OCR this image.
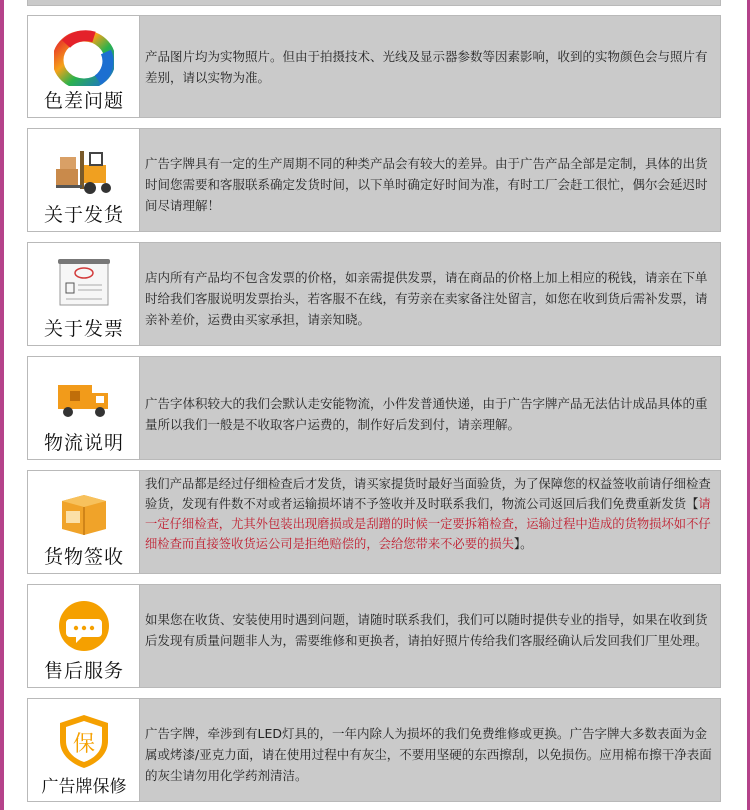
色差问题
产品图片均为实物照片。但由于拍摄技术、光线及显示器参数等因素影响，收到的实物颜色会与照片有差别，请以实物为准。
关于发货
广告字牌具有一定的生产周期不同的种类产品会有较大的差异。由于广告产品全部是定制，具体的出货时间您需要和客服联系确定发货时间，以下单时确定好时间为准，有时工厂会赶工很忙，偶尔会延迟时间尽请理解！
关于发票
店内所有产品均不包含发票的价格，如亲需提供发票，请在商品的价格上加上相应的税钱，请亲在下单时给我们客服说明发票抬头，若客服不在线，有劳亲在卖家备注处留言，如您在收到货后需补发票，请亲补差价，运费由买家承担，请亲知晓。
物流说明
广告字体积较大的我们会默认走安能物流，小件发普通快递，由于广告字牌产品无法估计成品具体的重量所以我们一般是不收取客户运费的，制作好后发到付，请亲理解。
货物签收
我们产品都是经过仔细检查后才发货，请买家提货时最好当面验货，为了保障您的权益签收前请仔细检查验货，发现有件数不对或者运输损坏请不予签收并及时联系我们，物流公司返回后我们免费重新发货【请一定仔细检查，尤其外包装出现磨损或是刮蹭的时候一定要拆箱检查，运输过程中造成的货物损坏如不仔细检查而直接签收货运公司是拒绝赔偿的，会给您带来不必要的损失】。
售后服务
如果您在收货、安装使用时遇到问题，请随时联系我们，我们可以随时提供专业的指导，如果在收到货后发现有质量问题非人为，需要维修和更换者，请拍好照片传给我们客服经确认后发回我们厂里处理。
保
广告牌保修
广告字牌，牵涉到有LED灯具的，一年内除人为损坏的我们免费维修或更换。广告字牌大多数表面为金属或烤漆/亚克力面，请在使用过程中有灰尘，不要用坚硬的东西擦刮，以免损伤。应用棉布擦干净表面的灰尘请勿用化学药剂清洁。
